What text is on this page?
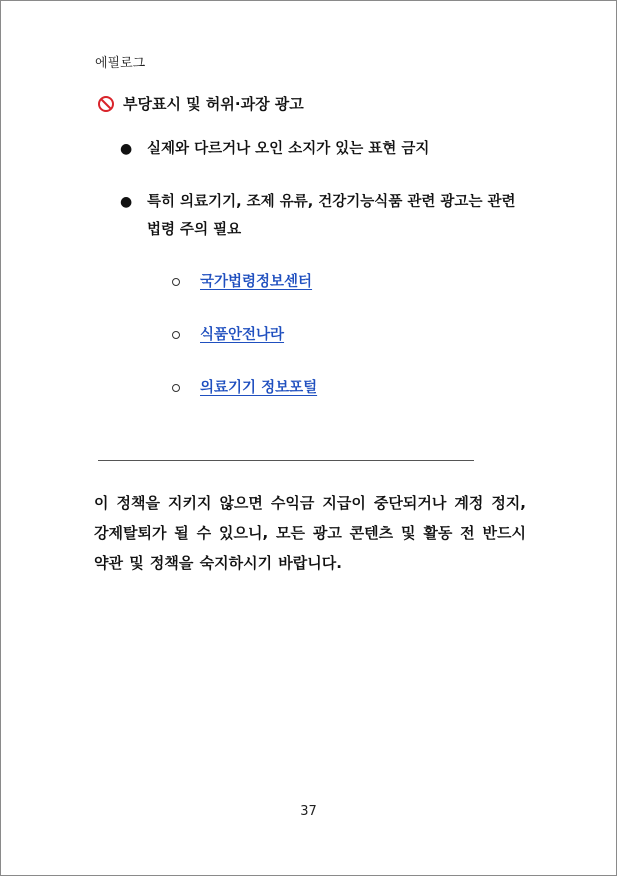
에필로그
부당표시 및 허위·과장 광고
●	실제와 다르거나 오인 소지가 있는 표현 금지
●	특히 의료기기, 조제 유류, 건강기능식품 관련 광고는 관련 법령 주의 필요
국가법령정보센터
식품안전나라
의료기기 정보포털
이 정책을 지키지 않으면 수익금 지급이 중단되거나 계정 정지, 강제탈퇴가 될 수 있으니, 모든 광고 콘텐츠 및 활동 전 반드시 약관 및 정책을 숙지하시기 바랍니다.
37
